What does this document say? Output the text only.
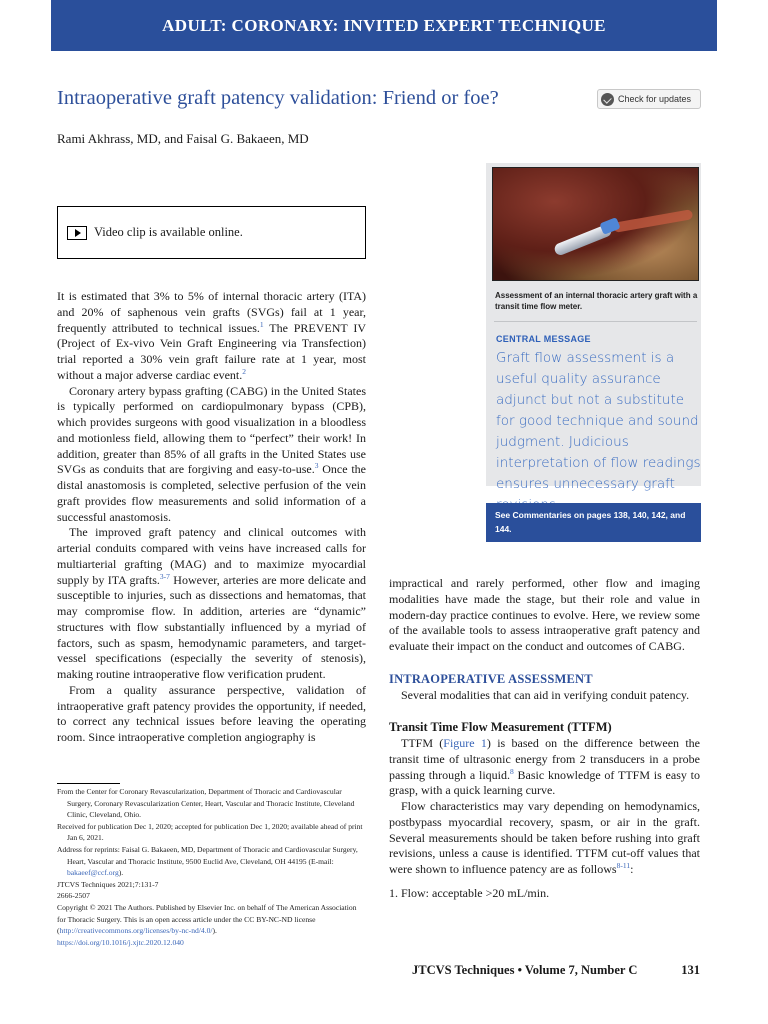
ADULT: CORONARY: INVITED EXPERT TECHNIQUE
Intraoperative graft patency validation: Friend or foe?	Check for updates
Rami Akhrass, MD, and Faisal G. Bakaeen, MD
Video clip is available online.

It is estimated that 3% to 5% of internal thoracic artery (ITA) and 20% of saphenous vein grafts (SVGs) fail at 1 year, frequently attributed to technical issues.$^1$ The PREVENT IV (Project of Ex-vivo Vein Graft Engineering via Transfection) trial reported a 30% vein graft failure rate at 1 year, most without a major adverse cardiac event.$^2$

Coronary artery bypass grafting (CABG) in the United States is typically performed on cardiopulmonary bypass (CPB), which provides surgeons with good visualization in a bloodless and motionless field, allowing them to “perfect” their work! In addition, greater than 85% of all grafts in the United States use SVGs as conduits that are forgiving and easy-to-use.$^3$ Once the distal anastomosis is completed, selective perfusion of the vein graft provides flow measurements and solid information of a successful anastomosis.

The improved graft patency and clinical outcomes with arterial conduits compared with veins have increased calls for multiarterial grafting (MAG) and to maximize myocardial supply by ITA grafts.$^{3-7}$ However, arteries are more delicate and susceptible to injuries, such as dissections and hematomas, that may compromise flow. In addition, arteries are “dynamic” structures with flow substantially influenced by a myriad of factors, such as spasm, hemodynamic parameters, and target-vessel specifications (especially the severity of stenosis), making routine intraoperative flow verification prudent.

From a quality assurance perspective, validation of intraoperative graft patency provides the opportunity, if needed, to correct any technical issues before leaving the operating room. Since intraoperative completion angiography is

Assessment of an internal thoracic artery graft with a transit time flow meter.
CENTRAL MESSAGE
Graft flow assessment is a useful quality assurance adjunct but not a substitute for good technique and sound judgment. Judicious interpretation of flow readings ensures unnecessary graft
See Commentaries on pages 138, 140, 142, and 144.

impractical and rarely performed, other flow and imaging modalities have made the stage, but their role and value in modern-day practice continues to evolve. Here, we review some of the available tools to assess intraoperative graft patency and evaluate their impact on the conduct and outcomes of CABG.

INTRAOPERATIVE ASSESSMENT

Several modalities that can aid in verifying conduit patency.

Transit Time Flow Measurement (TTFM)

TTFM (Figure 1) is based on the difference between the transit time of ultrasonic energy from 2 transducers in a probe passing through a liquid.$^8$ Basic knowledge of TTFM is easy to grasp, with a quick learning curve.

Flow characteristics may vary depending on hemodynamics, postbypass myocardial recovery, spasm, or air in the graft. Several measurements should be taken before rushing into graft revisions, unless a cause is identified. TTFM cut-off values that were shown to influence patency are as follows$^{8-11}$:

1. Flow: acceptable >20 mL/min.

From the Center for Coronary Revascularization, Department of Thoracic and Cardiovascular Surgery, Coronary Revascularization Center, Heart, Vascular and Thoracic Institute, Cleveland Clinic, Cleveland, Ohio.

Received for publication Dec 1, 2020; accepted for publication Dec 1, 2020; available ahead of print Jan 6, 2021.

Address for reprints: Faisal G. Bakaeen, MD, Department of Thoracic and Cardiovascular Surgery, Heart, Vascular and Thoracic Institute, 9500 Euclid Ave, Cleveland, OH 44195 (E-mail: bakaeef@ccf.org).

JTCVS Techniques 2021;7:131-7

2666-2507

Copyright © 2021 The Authors. Published by Elsevier Inc. on behalf of The American Association for Thoracic Surgery. This is an open access article under the CC BY-NC-ND license (http://creativecommons.org/licenses/by-nc-nd/4.0/).

https://doi.org/10.1016/j.xjtc.2020.12.040

JTCVS Techniques • Volume 7, Number C	131
